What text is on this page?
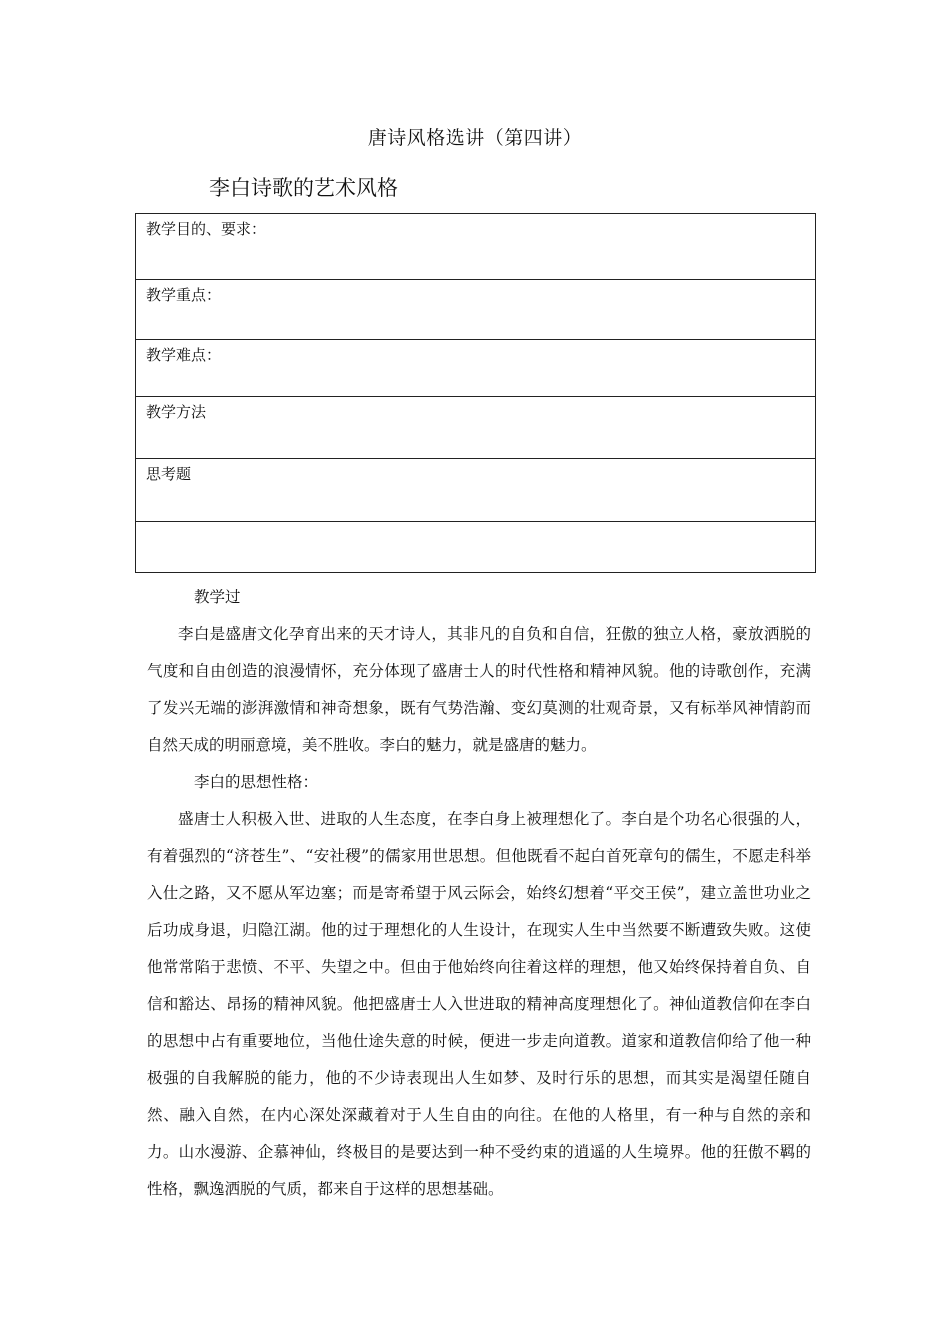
唐诗风格选讲（第四讲）
李白诗歌的艺术风格
教学目的、要求：
教学重点：
教学难点：
教学方法
思考题

教学过

李白是盛唐文化孕育出来的天才诗人，其非凡的自负和自信，狂傲的独立人格，豪放洒脱的气度和自由创造的浪漫情怀，充分体现了盛唐士人的时代性格和精神风貌。他的诗歌创作，充满了发兴无端的澎湃激情和神奇想象，既有气势浩瀚、变幻莫测的壮观奇景，又有标举风神情韵而自然天成的明丽意境，美不胜收。李白的魅力，就是盛唐的魅力。

李白的思想性格：

盛唐士人积极入世、进取的人生态度，在李白身上被理想化了。李白是个功名心很强的人，有着强烈的“济苍生”、“安社稷”的儒家用世思想。但他既看不起白首死章句的儒生，不愿走科举入仕之路，又不愿从军边塞；而是寄希望于风云际会，始终幻想着“平交王侯”，建立盖世功业之后功成身退，归隐江湖。他的过于理想化的人生设计，在现实人生中当然要不断遭致失败。这使他常常陷于悲愤、不平、失望之中。但由于他始终向往着这样的理想，他又始终保持着自负、自信和豁达、昂扬的精神风貌。他把盛唐士人入世进取的精神高度理想化了。神仙道教信仰在李白的思想中占有重要地位，当他仕途失意的时候，便进一步走向道教。道家和道教信仰给了他一种极强的自我解脱的能力，他的不少诗表现出人生如梦、及时行乐的思想，而其实是渴望任随自然、融入自然，在内心深处深藏着对于人生自由的向往。在他的人格里，有一种与自然的亲和力。山水漫游、企慕神仙，终极目的是要达到一种不受约束的逍遥的人生境界。他的狂傲不羁的性格，飘逸洒脱的气质，都来自于这样的思想基础。
